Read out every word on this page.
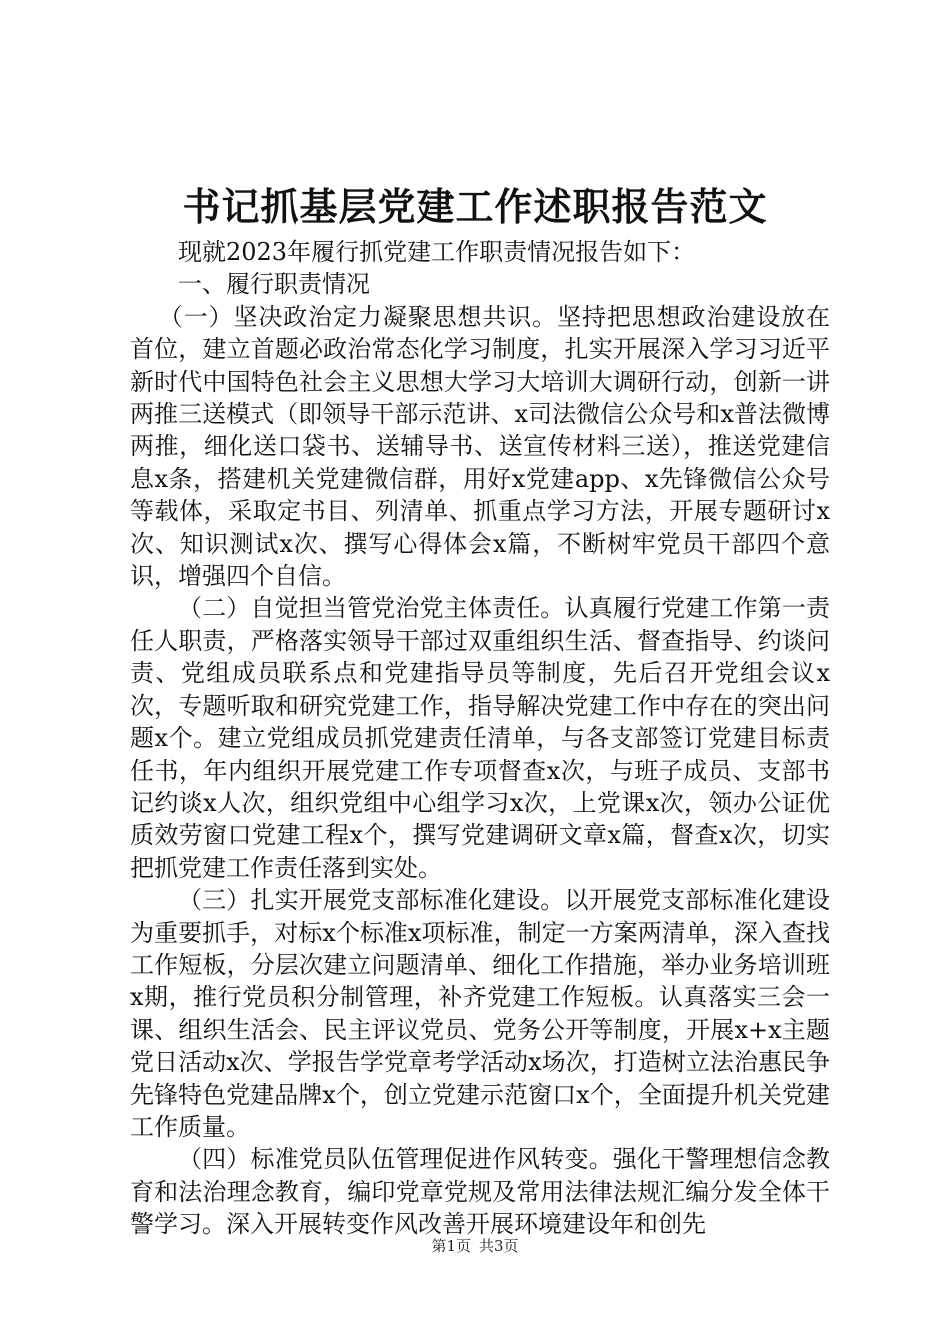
书记抓基层党建工作述职报告范文

现就2023年履行抓党建工作职责情况报告如下：

一、履行职责情况

（一）坚决政治定力凝聚思想共识。坚持把思想政治建设放在首位，建立首题必政治常态化学习制度，扎实开展深入学习习近平新时代中国特色社会主义思想大学习大培训大调研行动，创新一讲两推三送模式（即领导干部示范讲、x司法微信公众号和x普法微博两推，细化送口袋书、送辅导书、送宣传材料三送），推送党建信息x条，搭建机关党建微信群，用好x党建app、x先锋微信公众号等载体，采取定书目、列清单、抓重点学习方法，开展专题研讨x次、知识测试x次、撰写心得体会x篇，不断树牢党员干部四个意识，增强四个自信。

（二）自觉担当管党治党主体责任。认真履行党建工作第一责任人职责，严格落实领导干部过双重组织生活、督查指导、约谈问责、党组成员联系点和党建指导员等制度，先后召开党组会议x次，专题听取和研究党建工作，指导解决党建工作中存在的突出问题x个。建立党组成员抓党建责任清单，与各支部签订党建目标责任书，年内组织开展党建工作专项督查x次，与班子成员、支部书记约谈x人次，组织党组中心组学习x次，上党课x次，领办公证优质效劳窗口党建工程x个，撰写党建调研文章x篇，督查x次，切实把抓党建工作责任落到实处。

（三）扎实开展党支部标准化建设。以开展党支部标准化建设为重要抓手，对标x个标准x项标准，制定一方案两清单，深入查找工作短板，分层次建立问题清单、细化工作措施，举办业务培训班x期，推行党员积分制管理，补齐党建工作短板。认真落实三会一课、组织生活会、民主评议党员、党务公开等制度，开展x+x主题党日活动x次、学报告学党章考学活动x场次，打造树立法治惠民争先锋特色党建品牌x个，创立党建示范窗口x个，全面提升机关党建工作质量。

（四）标准党员队伍管理促进作风转变。强化干警理想信念教育和法治理念教育，编印党章党规及常用法律法规汇编分发全体干警学习。深入开展转变作风改善开展环境建设年和创先

第1页 共3页
